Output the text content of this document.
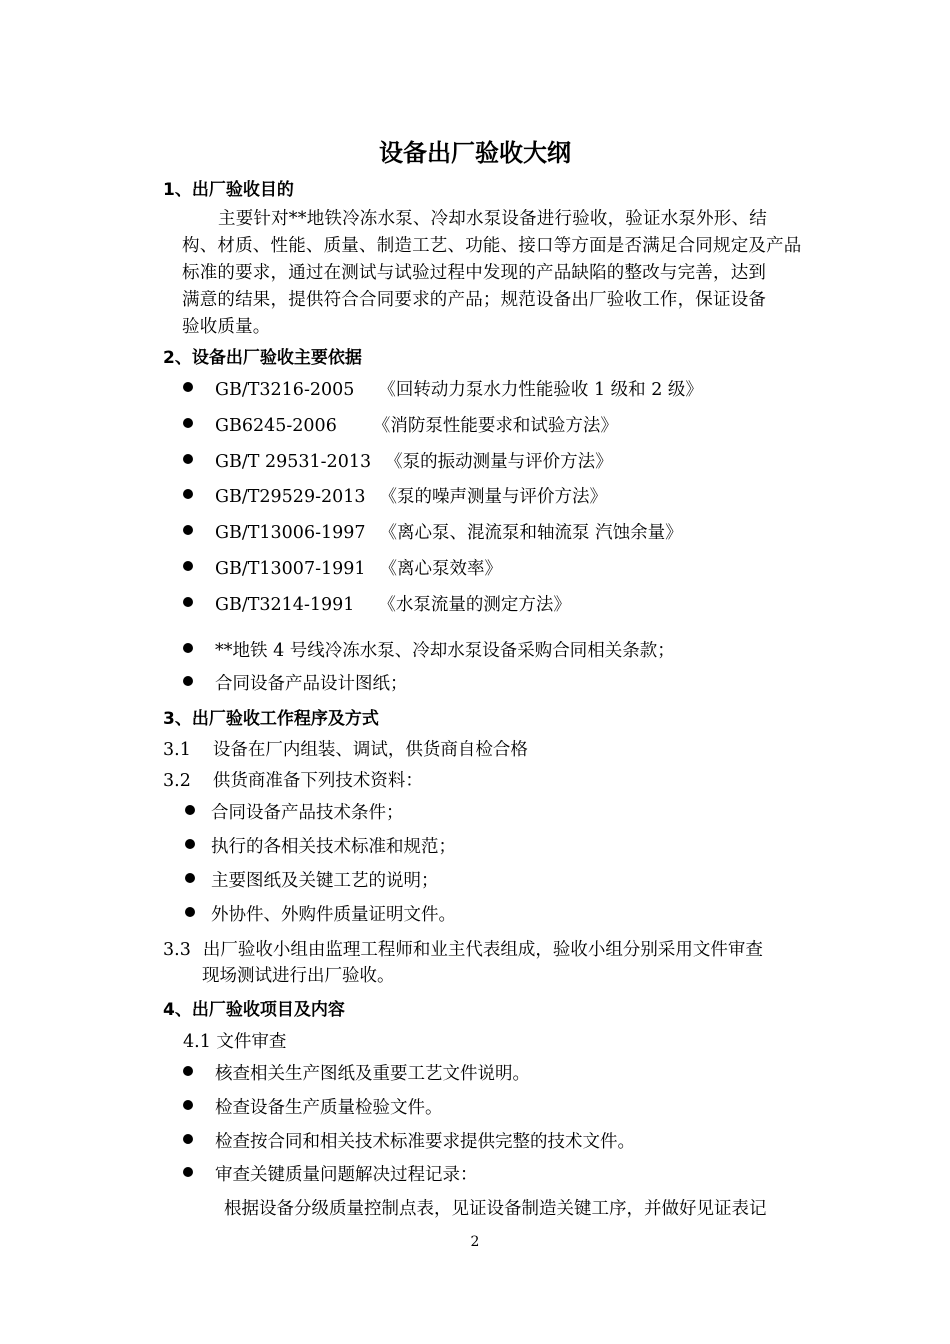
设备出厂验收大纲
1、出厂验收目的
主要针对**地铁冷冻水泵、冷却水泵设备进行验收，验证水泵外形、结
构、材质、性能、质量、制造工艺、功能、接口等方面是否满足合同规定及产品
标准的要求，通过在测试与试验过程中发现的产品缺陷的整改与完善，达到
满意的结果，提供符合合同要求的产品；规范设备出厂验收工作，保证设备
验收质量。
2、设备出厂验收主要依据
GB/T3216-2005 《回转动力泵水力性能验收 1 级和 2 级》
GB6245-2006 《消防泵性能要求和试验方法》
GB/T 29531-2013 《泵的振动测量与评价方法》
GB/T29529-2013 《泵的噪声测量与评价方法》
GB/T13006-1997 《离心泵、混流泵和轴流泵 汽蚀余量》
GB/T13007-1991 《离心泵效率》
GB/T3214-1991 《水泵流量的测定方法》
**地铁 4 号线冷冻水泵、冷却水泵设备采购合同相关条款；
合同设备产品设计图纸；
3、出厂验收工作程序及方式
3.1 设备在厂内组装、调试，供货商自检合格
3.2 供货商准备下列技术资料：
合同设备产品技术条件；
执行的各相关技术标准和规范；
主要图纸及关键工艺的说明；
外协件、外购件质量证明文件。
3.3 出厂验收小组由监理工程师和业主代表组成，验收小组分别采用文件审查
现场测试进行出厂验收。
4、出厂验收项目及内容
4.1 文件审查
核查相关生产图纸及重要工艺文件说明。
检查设备生产质量检验文件。
检查按合同和相关技术标准要求提供完整的技术文件。
审查关键质量问题解决过程记录：
根据设备分级质量控制点表，见证设备制造关键工序，并做好见证表记
2
